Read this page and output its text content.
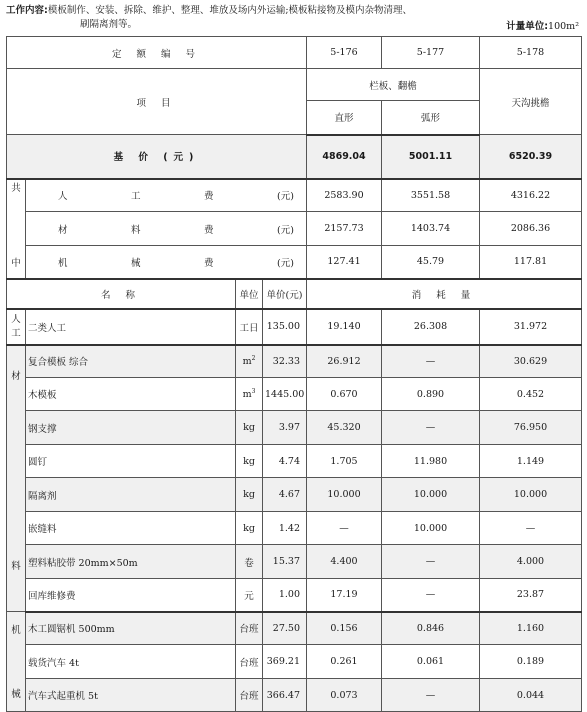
工作内容:模板制作、安装、拆除、维护、整理、堆放及场内外运输;模板粘接物及模内杂物清理、
刷隔离剂等。	计量单位:100m²
定 额 编 号				5-176	5-177	5-178
项 目				栏板、翻檐		天沟挑檐
				直形	弧形	
基 价 (元)				4869.04	5001.11	6520.39
共	人 工 费 (元)			2583.90	3551.58	4316.22

	材 料 费 (元)			2157.73	1403.74	2086.36
中	机 械 费 (元)			127.41	45.79	117.81
名 称		单位	单价(元)	消 耗 量		

人
工	二类人工	工日	135.00	19.140	26.308	31.972

材
料	复合模板 综合	$m^2$	32.33	26.912	—	30.629
	木模板	$m^3$	1445.00	0.670	0.890	0.452
	钢支撑	kg	3.97	45.320	—	76.950
	圆钉	kg	4.74	1.705	11.980	1.149
	隔离剂	kg	4.67	10.000	10.000	10.000
	嵌缝料	kg	1.42	—	10.000	—
	塑料粘胶带 20mm×50m	卷	15.37	4.400	—	4.000
	回库维修费	元	1.00	17.19	—	23.87

机
械	木工圆锯机 500mm	台班	27.50	0.156	0.846	1.160
	载货汽车 4t	台班	369.21	0.261	0.061	0.189
	汽车式起重机 5t	台班	366.47	0.073	—	0.044
